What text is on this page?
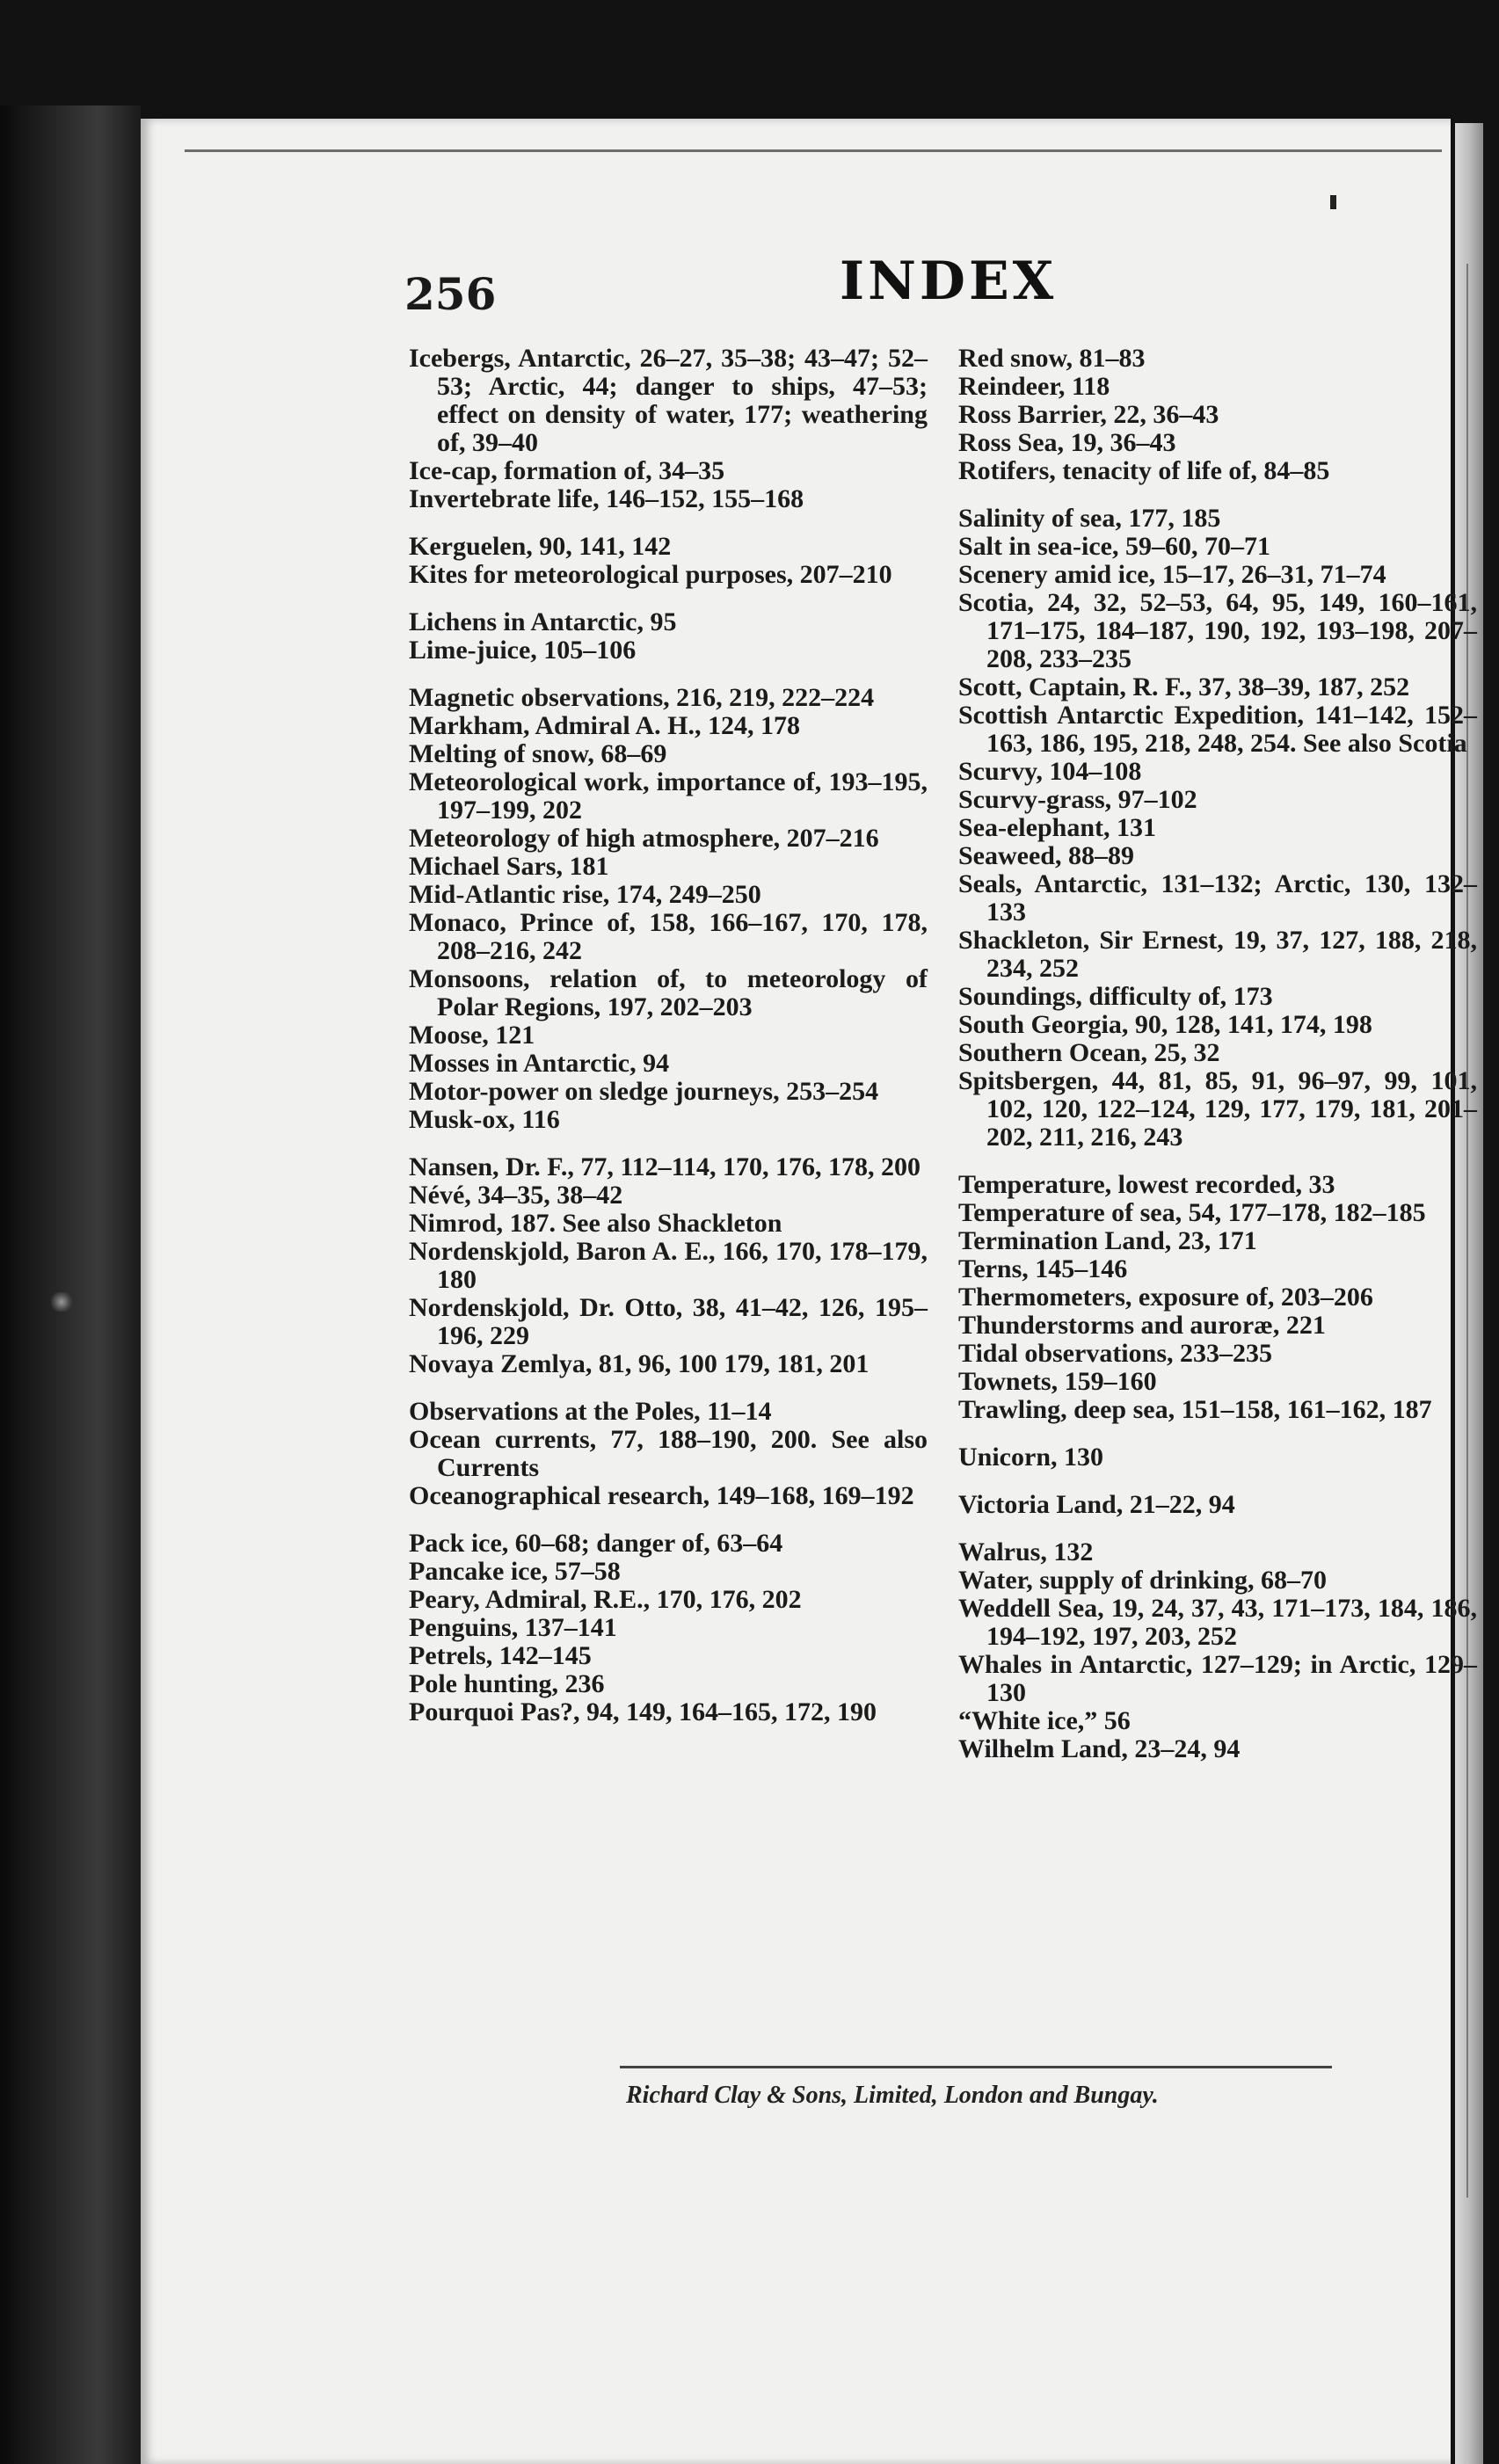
256	INDEX
Icebergs, Antarctic, 26–27, 35–38; 43–47; 52–53; Arctic, 44; danger to ships, 47–53; effect on density of water, 177; weathering of, 39–40
Ice-cap, formation of, 34–35
Invertebrate life, 146–152, 155–168
Kerguelen, 90, 141, 142
Kites for meteorological purposes, 207–210
Lichens in Antarctic, 95
Lime-juice, 105–106
Magnetic observations, 216, 219, 222–224
Markham, Admiral A. H., 124, 178
Melting of snow, 68–69
Meteorological work, importance of, 193–195, 197–199, 202
Meteorology of high atmosphere, 207–216
Michael Sars, 181
Mid-Atlantic rise, 174, 249–250
Monaco, Prince of, 158, 166–167, 170, 178, 208–216, 242
Monsoons, relation of, to meteorology of Polar Regions, 197, 202–203
Moose, 121
Mosses in Antarctic, 94
Motor-power on sledge journeys, 253–254
Musk-ox, 116
Nansen, Dr. F., 77, 112–114, 170, 176, 178, 200
Névé, 34–35, 38–42
Nimrod, 187. See also Shackleton
Nordenskjold, Baron A. E., 166, 170, 178–179, 180
Nordenskjold, Dr. Otto, 38, 41–42, 126, 195–196, 229
Novaya Zemlya, 81, 96, 100 179, 181, 201
Observations at the Poles, 11–14
Ocean currents, 77, 188–190, 200. See also Currents
Oceanographical research, 149–168, 169–192
Pack ice, 60–68; danger of, 63–64
Pancake ice, 57–58
Peary, Admiral, R.E., 170, 176, 202
Penguins, 137–141
Petrels, 142–145
Pole hunting, 236
Pourquoi Pas?, 94, 149, 164–165, 172, 190
Red snow, 81–83
Reindeer, 118
Ross Barrier, 22, 36–43
Ross Sea, 19, 36–43
Rotifers, tenacity of life of, 84–85
Salinity of sea, 177, 185
Salt in sea-ice, 59–60, 70–71
Scenery amid ice, 15–17, 26–31, 71–74
Scotia, 24, 32, 52–53, 64, 95, 149, 160–161, 171–175, 184–187, 190, 192, 193–198, 207–208, 233–235
Scott, Captain, R. F., 37, 38–39, 187, 252
Scottish Antarctic Expedition, 141–142, 152–163, 186, 195, 218, 248, 254. See also Scotia
Scurvy, 104–108
Scurvy-grass, 97–102
Sea-elephant, 131
Seaweed, 88–89
Seals, Antarctic, 131–132; Arctic, 130, 132–133
Shackleton, Sir Ernest, 19, 37, 127, 188, 218, 234, 252
Soundings, difficulty of, 173
South Georgia, 90, 128, 141, 174, 198
Southern Ocean, 25, 32
Spitsbergen, 44, 81, 85, 91, 96–97, 99, 101, 102, 120, 122–124, 129, 177, 179, 181, 201–202, 211, 216, 243
Temperature, lowest recorded, 33
Temperature of sea, 54, 177–178, 182–185
Termination Land, 23, 171
Terns, 145–146
Thermometers, exposure of, 203–206
Thunderstorms and auroræ, 221
Tidal observations, 233–235
Townets, 159–160
Trawling, deep sea, 151–158, 161–162, 187
Unicorn, 130
Victoria Land, 21–22, 94
Walrus, 132
Water, supply of drinking, 68–70
Weddell Sea, 19, 24, 37, 43, 171–173, 184, 186, 194–192, 197, 203, 252
Whales in Antarctic, 127–129; in Arctic, 129–130
“White ice,” 56
Wilhelm Land, 23–24, 94
Richard Clay & Sons, Limited, London and Bungay.
